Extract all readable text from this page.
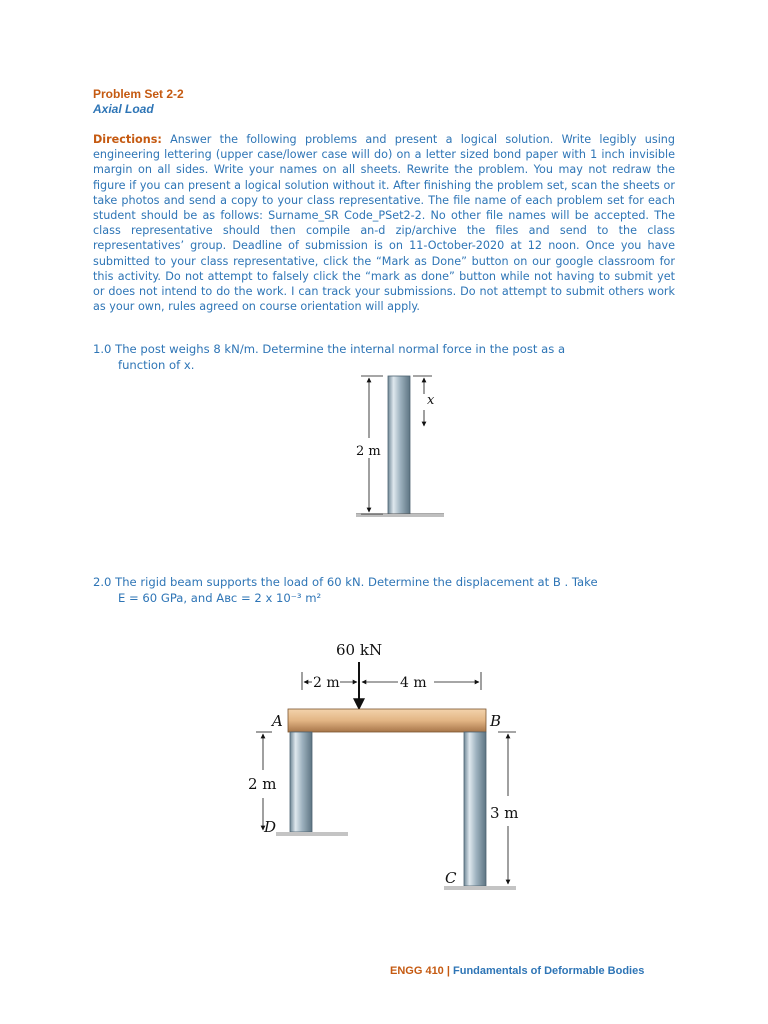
Problem Set 2-2
Axial Load
Directions: Answer the following problems and present a logical solution. Write legibly using engineering lettering (upper case/lower case will do) on a letter sized bond paper with 1 inch invisible margin on all sides. Write your names on all sheets. Rewrite the problem. You may not redraw the figure if you can present a logical solution without it. After finishing the problem set, scan the sheets or take photos and send a copy to your class representative. The file name of each problem set for each student should be as follows: Surname_SR Code_PSet2-2. No other file names will be accepted. The class representative should then compile an-d zip/archive the files and send to the class representatives’ group. Deadline of submission is on 11-October-2020 at 12 noon. Once you have submitted to your class representative, click the “Mark as Done” button on our google classroom for this activity. Do not attempt to falsely click the “mark as done” button while not having to submit yet or does not intend to do the work. I can track your submissions. Do not attempt to submit others work as your own, rules agreed on course orientation will apply.
1.0 The post weighs 8 kN/m. Determine the internal normal force in the post as a
function of x.
2.0 The rigid beam supports the load of 60 kN. Determine the displacement at B . Take
E = 60 GPa, and Aʙᴄ = 2 x 10⁻³ m²
2 m
x
60 kN
2 m	4 m
A	B
2 m
D
3 m
C
ENGG 410 | Fundamentals of Deformable Bodies
